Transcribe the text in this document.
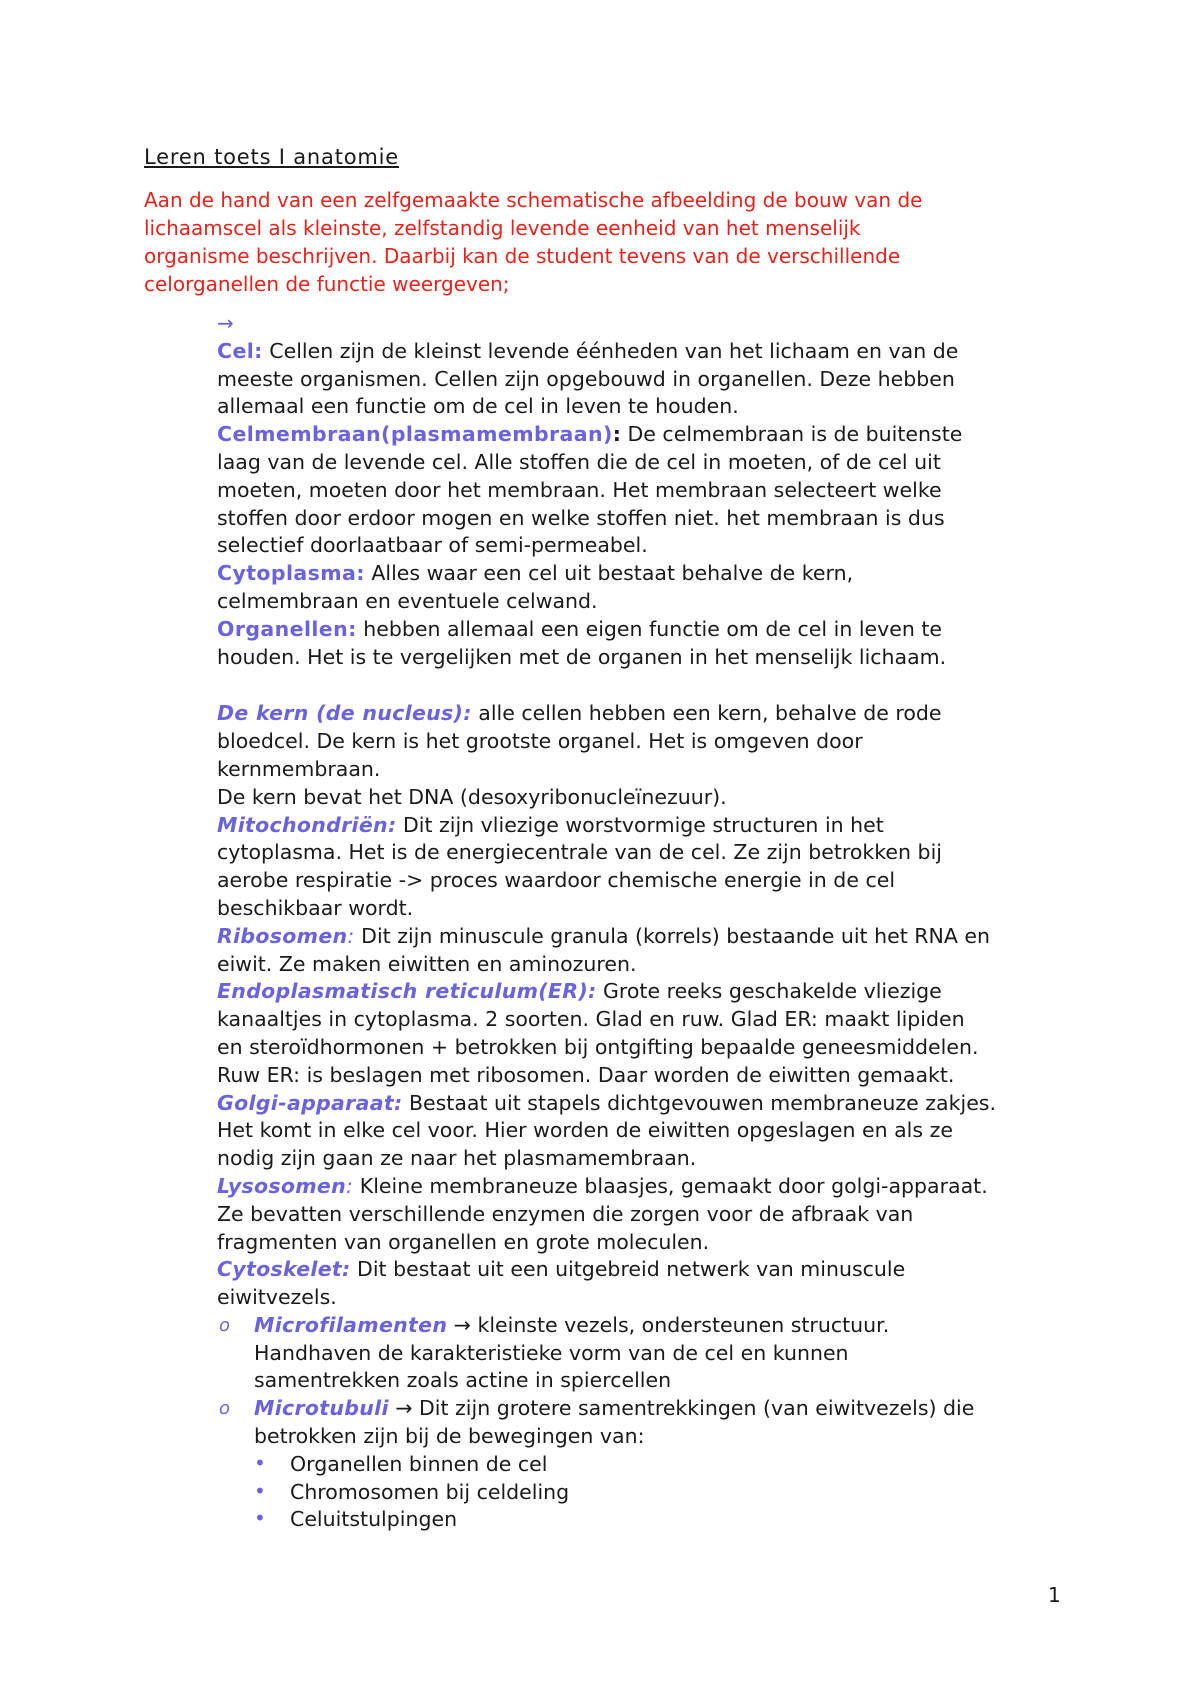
Leren toets I anatomie
Aan de hand van een zelfgemaakte schematische afbeelding de bouw van de
lichaamscel als kleinste, zelfstandig levende eenheid van het menselijk
organisme beschrijven. Daarbij kan de student tevens van de verschillende
celorganellen de functie weergeven;
→
Cel: Cellen zijn de kleinst levende éénheden van het lichaam en van de
meeste organismen. Cellen zijn opgebouwd in organellen. Deze hebben
allemaal een functie om de cel in leven te houden.
Celmembraan(plasmamembraan): De celmembraan is de buitenste
laag van de levende cel. Alle stoffen die de cel in moeten, of de cel uit
moeten, moeten door het membraan. Het membraan selecteert welke
stoffen door erdoor mogen en welke stoffen niet. het membraan is dus
selectief doorlaatbaar of semi-permeabel.
Cytoplasma: Alles waar een cel uit bestaat behalve de kern,
celmembraan en eventuele celwand.
Organellen: hebben allemaal een eigen functie om de cel in leven te
houden. Het is te vergelijken met de organen in het menselijk lichaam.
De kern (de nucleus): alle cellen hebben een kern, behalve de rode
bloedcel. De kern is het grootste organel. Het is omgeven door
kernmembraan.
De kern bevat het DNA (desoxyribonucleïnezuur).
Mitochondriën: Dit zijn vliezige worstvormige structuren in het
cytoplasma. Het is de energiecentrale van de cel. Ze zijn betrokken bij
aerobe respiratie -> proces waardoor chemische energie in de cel
beschikbaar wordt.
Ribosomen: Dit zijn minuscule granula (korrels) bestaande uit het RNA en
eiwit. Ze maken eiwitten en aminozuren.
Endoplasmatisch reticulum(ER): Grote reeks geschakelde vliezige
kanaaltjes in cytoplasma. 2 soorten. Glad en ruw. Glad ER: maakt lipiden
en steroïdhormonen + betrokken bij ontgifting bepaalde geneesmiddelen.
Ruw ER: is beslagen met ribosomen. Daar worden de eiwitten gemaakt.
Golgi-apparaat: Bestaat uit stapels dichtgevouwen membraneuze zakjes.
Het komt in elke cel voor. Hier worden de eiwitten opgeslagen en als ze
nodig zijn gaan ze naar het plasmamembraan.
Lysosomen: Kleine membraneuze blaasjes, gemaakt door golgi-apparaat.
Ze bevatten verschillende enzymen die zorgen voor de afbraak van
fragmenten van organellen en grote moleculen.
Cytoskelet: Dit bestaat uit een uitgebreid netwerk van minuscule
eiwitvezels.
o Microfilamenten → kleinste vezels, ondersteunen structuur.
Handhaven de karakteristieke vorm van de cel en kunnen
samentrekken zoals actine in spiercellen
o Microtubuli → Dit zijn grotere samentrekkingen (van eiwitvezels) die
betrokken zijn bij de bewegingen van:
• Organellen binnen de cel
• Chromosomen bij celdeling
• Celuitstulpingen
1
